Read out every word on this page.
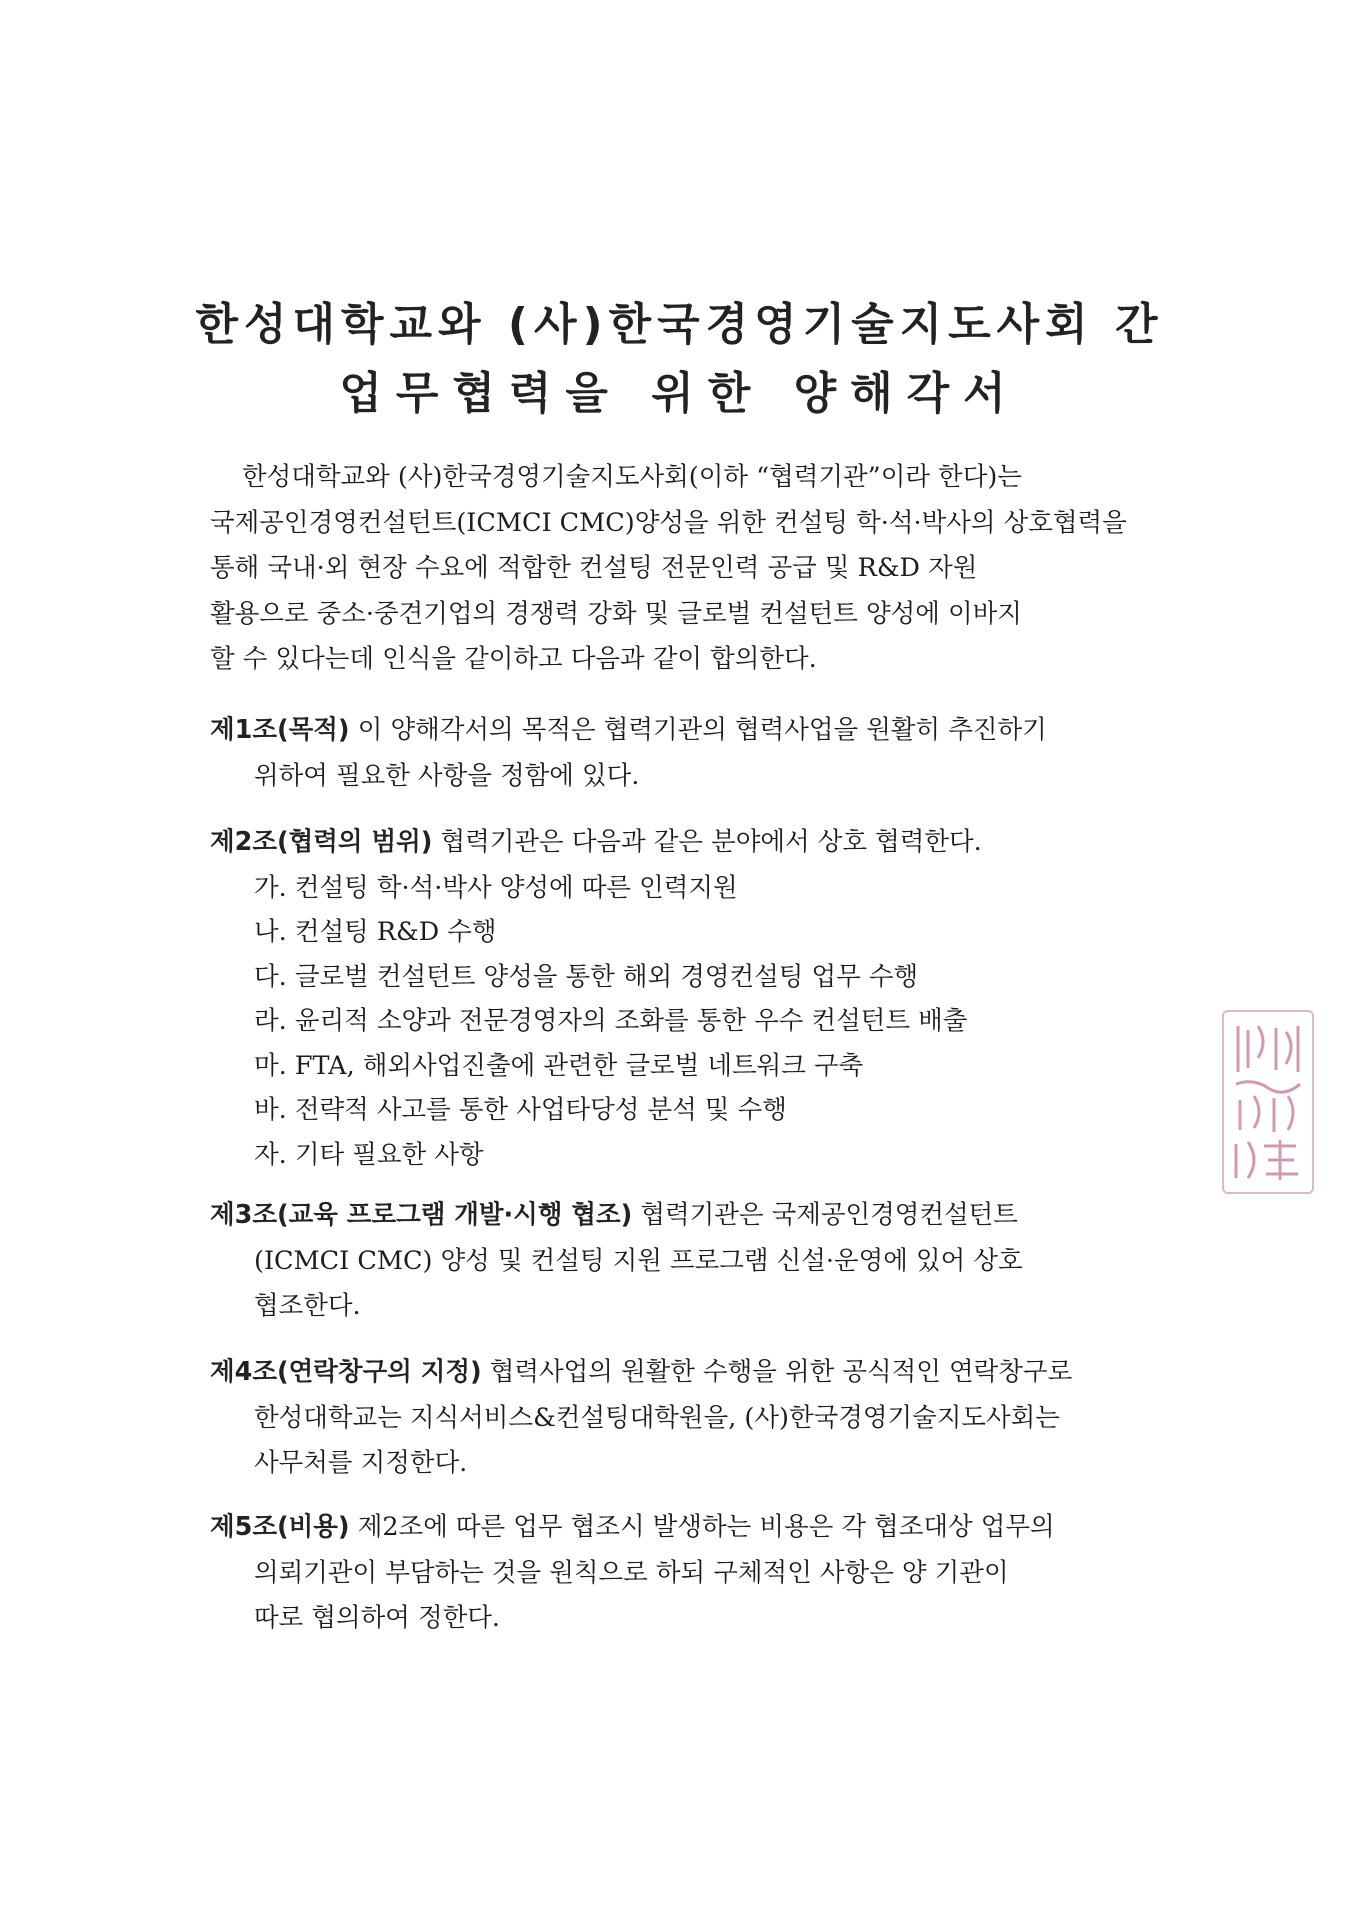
한성대학교와 (사)한국경영기술지도사회 간
업무협력을 위한 양해각서
한성대학교와 (사)한국경영기술지도사회(이하 “협력기관”이라 한다)는
국제공인경영컨설턴트(ICMCI CMC)양성을 위한 컨설팅 학·석·박사의 상호협력을
통해 국내·외 현장 수요에 적합한 컨설팅 전문인력 공급 및 R&D 자원
활용으로 중소·중견기업의 경쟁력 강화 및 글로벌 컨설턴트 양성에 이바지
할 수 있다는데 인식을 같이하고 다음과 같이 합의한다.
제1조(목적) 이 양해각서의 목적은 협력기관의 협력사업을 원활히 추진하기
위하여 필요한 사항을 정함에 있다.
제2조(협력의 범위) 협력기관은 다음과 같은 분야에서 상호 협력한다.
가. 컨설팅 학·석·박사 양성에 따른 인력지원
나. 컨설팅 R&D 수행
다. 글로벌 컨설턴트 양성을 통한 해외 경영컨설팅 업무 수행
라. 윤리적 소양과 전문경영자의 조화를 통한 우수 컨설턴트 배출
마. FTA, 해외사업진출에 관련한 글로벌 네트워크 구축
바. 전략적 사고를 통한 사업타당성 분석 및 수행
자. 기타 필요한 사항
제3조(교육 프로그램 개발·시행 협조) 협력기관은 국제공인경영컨설턴트
(ICMCI CMC) 양성 및 컨설팅 지원 프로그램 신설·운영에 있어 상호
협조한다.
제4조(연락창구의 지정) 협력사업의 원활한 수행을 위한 공식적인 연락창구로
한성대학교는 지식서비스&컨설팅대학원을, (사)한국경영기술지도사회는
사무처를 지정한다.
제5조(비용) 제2조에 따른 업무 협조시 발생하는 비용은 각 협조대상 업무의
의뢰기관이 부담하는 것을 원칙으로 하되 구체적인 사항은 양 기관이
따로 협의하여 정한다.
